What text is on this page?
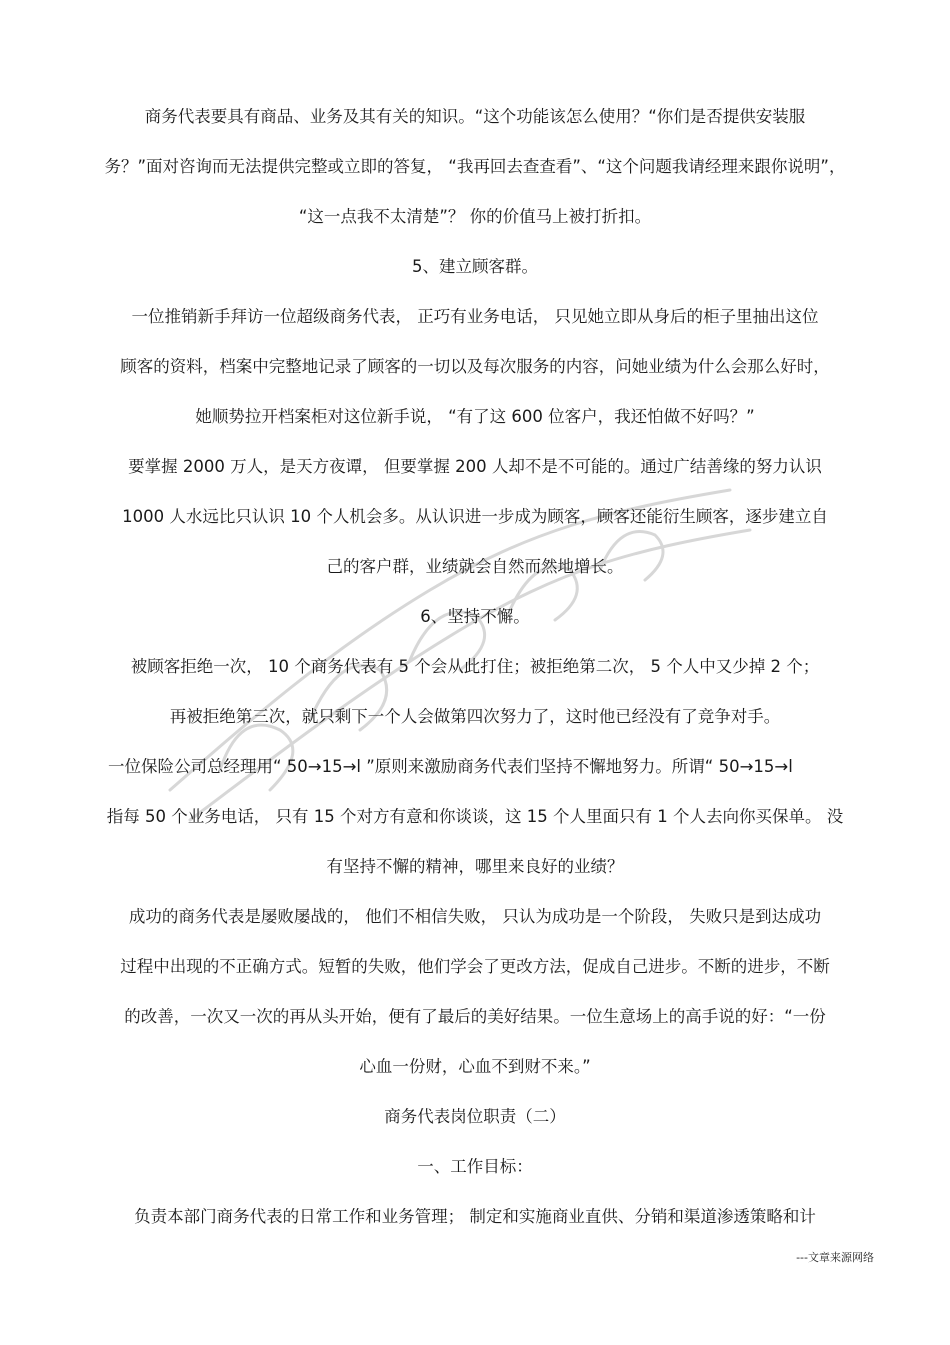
商务代表要具有商品、业务及其有关的知识。“这个功能该怎么使用？“你们是否提供安装服
务？”面对咨询而无法提供完整或立即的答复， “我再回去查查看”、“这个问题我请经理来跟你说明”，
“这一点我不太清楚”？ 你的价值马上被打折扣。
5、建立顾客群。
一位推销新手拜访一位超级商务代表， 正巧有业务电话， 只见她立即从身后的柜子里抽出这位
顾客的资料，档案中完整地记录了顾客的一切以及每次服务的内容，问她业绩为什么会那么好时，
她顺势拉开档案柜对这位新手说， “有了这 600 位客户，我还怕做不好吗？”
要掌握 2000 万人，是天方夜谭， 但要掌握 200 人却不是不可能的。通过广结善缘的努力认识
1000 人水远比只认识 10 个人机会多。从认识进一步成为顾客，顾客还能衍生顾客，逐步建立自
己的客户群，业绩就会自然而然地增长。
6、坚持不懈。
被顾客拒绝一次， 10 个商务代表有 5 个会从此打住；被拒绝第二次， 5 个人中又少掉 2 个；
再被拒绝第三次，就只剩下一个人会做第四次努力了，这时他已经没有了竞争对手。
一位保险公司总经理用“ 50→15→l ”原则来激励商务代表们坚持不懈地努力。所谓“ 50→15→l
指每 50 个业务电话， 只有 15 个对方有意和你谈谈，这 15 个人里面只有 1 个人去向你买保单。 没
有坚持不懈的精神，哪里来良好的业绩？
成功的商务代表是屡败屡战的， 他们不相信失败， 只认为成功是一个阶段， 失败只是到达成功
过程中出现的不正确方式。短暂的失败，他们学会了更改方法，促成自己进步。不断的进步，不断
的改善，一次又一次的再从头开始，便有了最后的美好结果。一位生意场上的高手说的好：“一份
心血一份财，心血不到财不来。”
商务代表岗位职责（二）
一、工作目标：
负责本部门商务代表的日常工作和业务管理； 制定和实施商业直供、分销和渠道渗透策略和计
---文章来源网络
